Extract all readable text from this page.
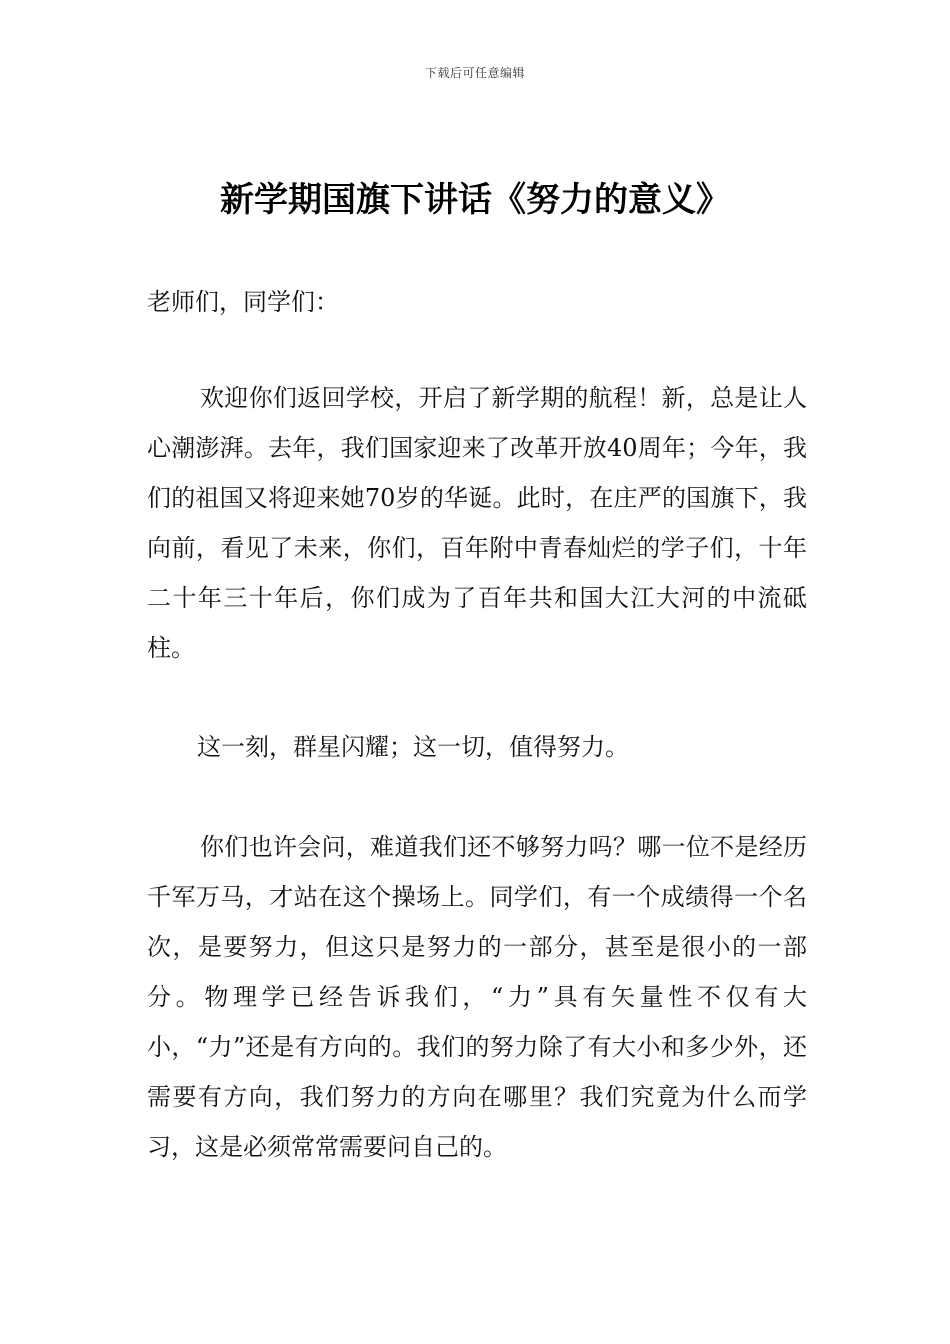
下载后可任意编辑
新学期国旗下讲话《努力的意义》

老师们，同学们：

欢迎你们返回学校，开启了新学期的航程！新，总是让人心潮澎湃。去年，我们国家迎来了改革开放40周年；今年，我们的祖国又将迎来她70岁的华诞。此时，在庄严的国旗下，我向前，看见了未来，你们，百年附中青春灿烂的学子们，十年二十年三十年后，你们成为了百年共和国大江大河的中流砥柱。

这一刻，群星闪耀；这一切，值得努力。

你们也许会问，难道我们还不够努力吗？哪一位不是经历千军万马，才站在这个操场上。同学们，有一个成绩得一个名次，是要努力，但这只是努力的一部分，甚至是很小的一部分。物理学已经告诉我们，“力”具有矢量性不仅有大小，“力”还是有方向的。我们的努力除了有大小和多少外，还需要有方向，我们努力的方向在哪里？我们究竟为什么而学习，这是必须常常需要问自己的。
